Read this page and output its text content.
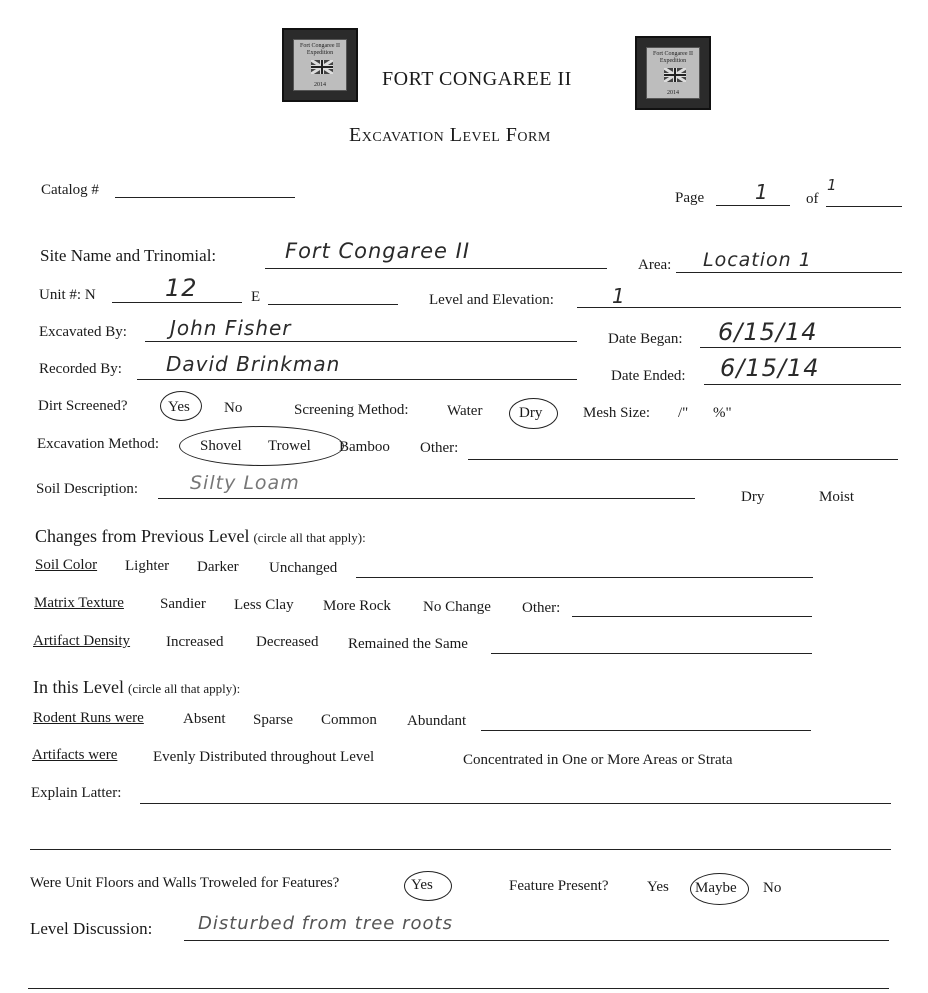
Fort Congaree II
Expedition
2014
Fort Congaree II
Expedition
2014
FORT CONGAREE II
Excavation Level Form
Catalog #	Page	1 of
1
Site Name and Trinomial:	Fort Congaree II
Area: Location 1
Unit #: N	12	E	Level and Elevation:	1
Excavated By: John Fisher	Date Began: 6/15/14
Recorded By: David Brinkman	Date Ended: 6/15/14
Dirt Screened?	Yes No	Screening Method:	Water Dry	Mesh Size: /" %"
Excavation Method:	Shovel Trowel Bamboo Other:
Soil Description:	Silty Loam
Dry	Moist
Changes from Previous Level (circle all that apply):
Soil Color Lighter Darker Unchanged
Matrix Texture Sandier Less Clay More Rock No Change Other:
Artifact Density Increased Decreased Remained the Same
In this Level (circle all that apply):
Rodent Runs were	Absent Sparse Common Abundant
Artifacts were Evenly Distributed throughout Level	Concentrated in One or More Areas or Strata
Explain Latter:
Were Unit Floors and Walls Troweled for Features?	Yes	Feature Present?	Yes Maybe No
Level Discussion:	Disturbed from tree roots
